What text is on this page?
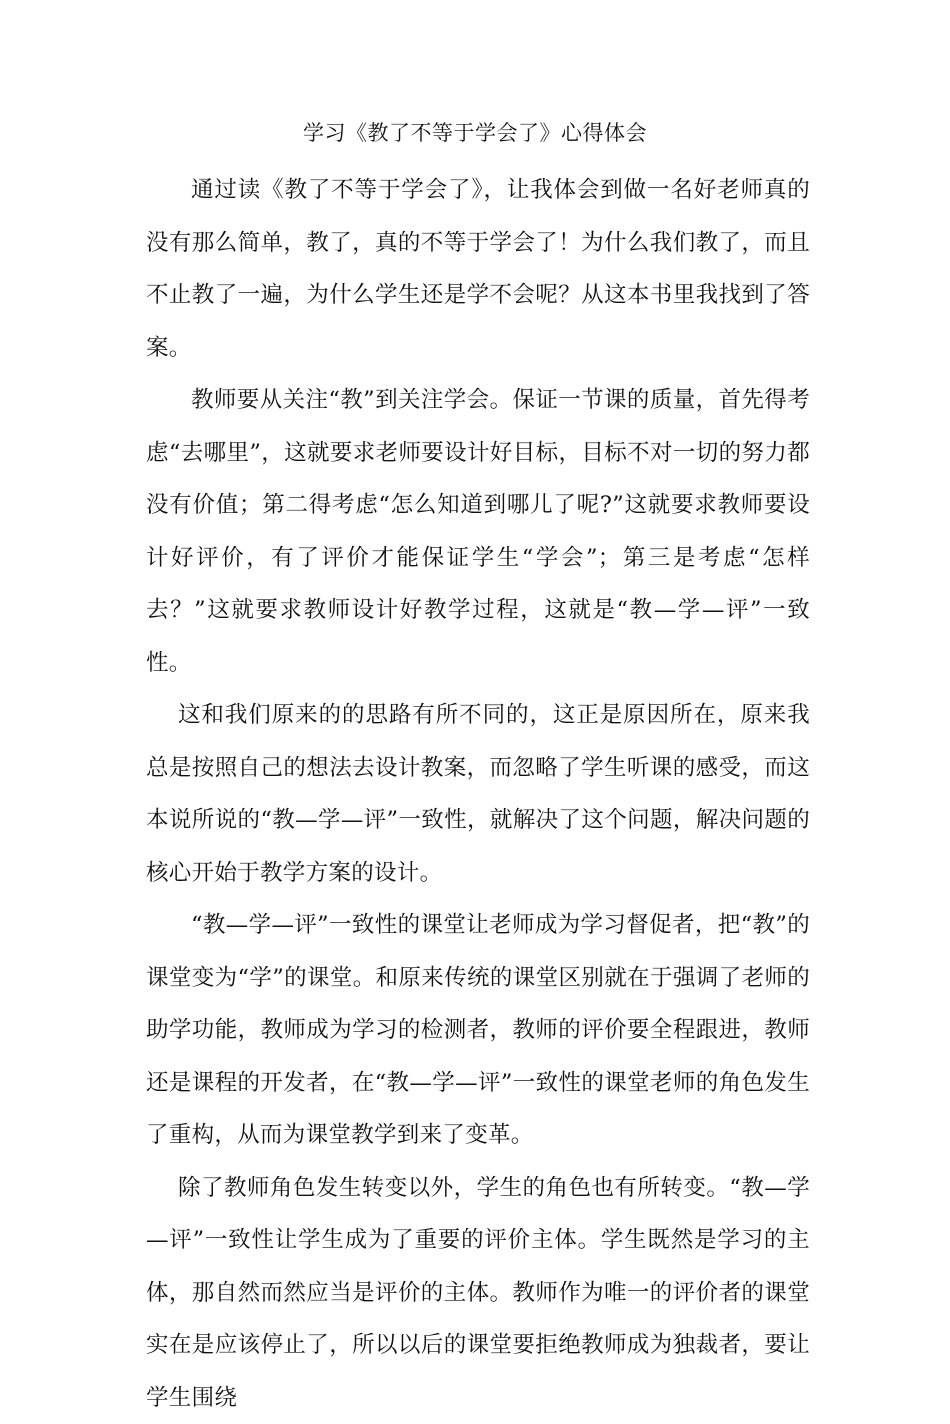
学习《教了不等于学会了》心得体会

通过读《教了不等于学会了》，让我体会到做一名好老师真的没有那么简单，教了，真的不等于学会了！为什么我们教了，而且不止教了一遍，为什么学生还是学不会呢？从这本书里我找到了答案。

教师要从关注“教”到关注学会。保证一节课的质量，首先得考虑“去哪里”，这就要求老师要设计好目标，目标不对一切的努力都没有价值；第二得考虑“怎么知道到哪儿了呢?”这就要求教师要设计好评价，有了评价才能保证学生“学会”；第三是考虑“怎样去？”这就要求教师设计好教学过程，这就是“教—学—评”一致性。

这和我们原来的的思路有所不同的，这正是原因所在，原来我总是按照自己的想法去设计教案，而忽略了学生听课的感受，而这本说所说的“教—学—评”一致性，就解决了这个问题，解决问题的核心开始于教学方案的设计。

“教—学—评”一致性的课堂让老师成为学习督促者，把“教”的课堂变为“学”的课堂。和原来传统的课堂区别就在于强调了老师的助学功能，教师成为学习的检测者，教师的评价要全程跟进，教师还是课程的开发者，在“教—学—评”一致性的课堂老师的角色发生了重构，从而为课堂教学到来了变革。

除了教师角色发生转变以外，学生的角色也有所转变。“教—学—评”一致性让学生成为了重要的评价主体。学生既然是学习的主体，那自然而然应当是评价的主体。教师作为唯一的评价者的课堂实在是应该停止了，所以以后的课堂要拒绝教师成为独裁者，要让学生围绕
